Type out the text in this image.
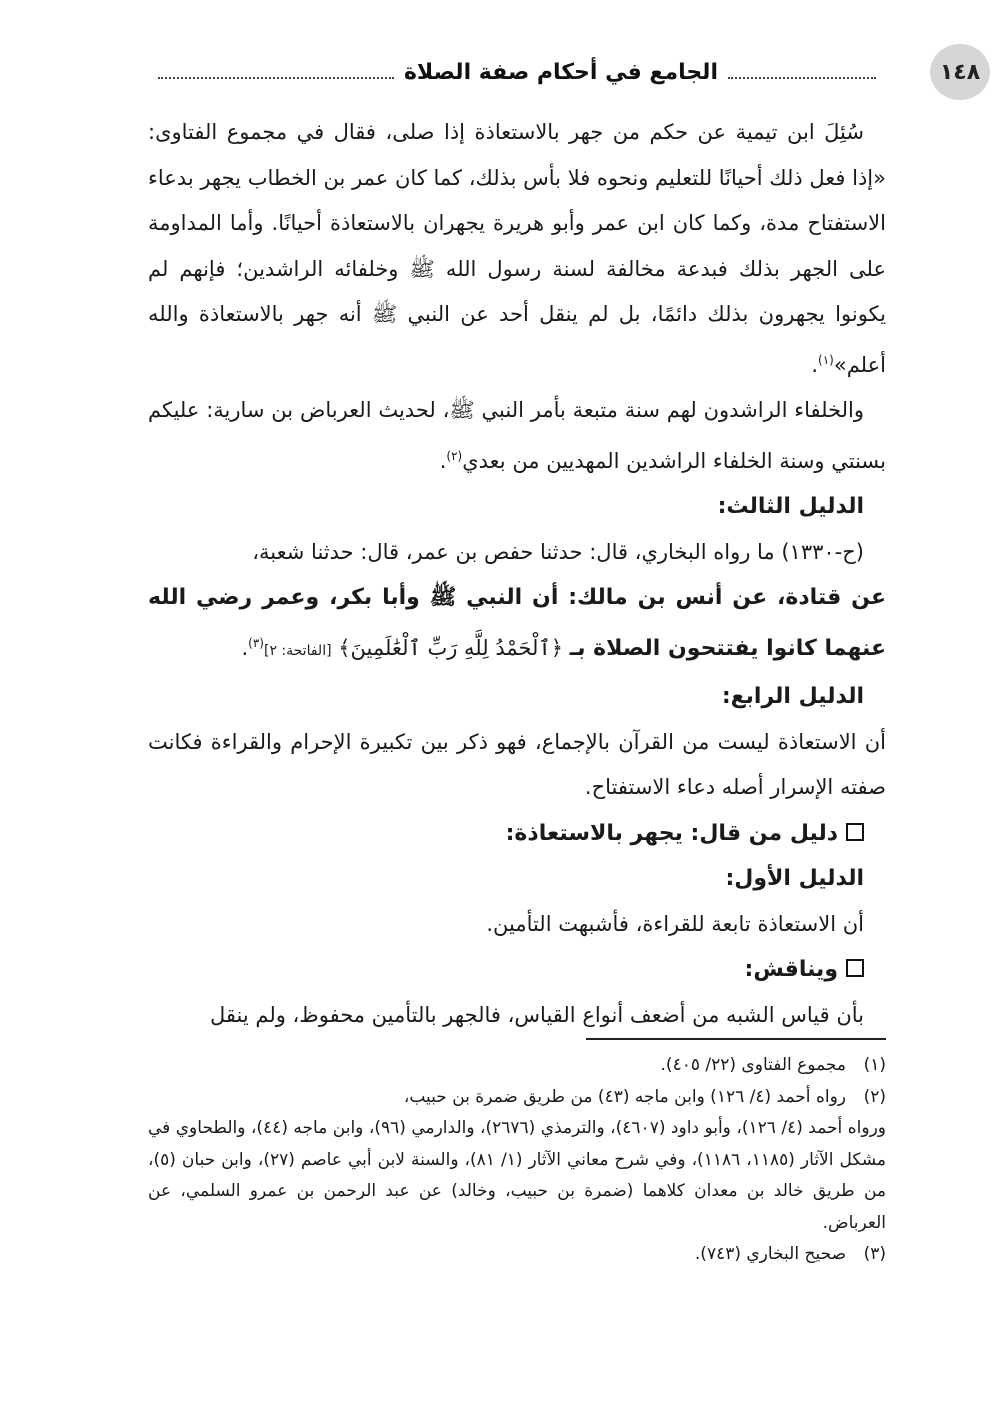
١٤٨
الجامع في أحكام صفة الصلاة

سُئِلَ ابن تيمية عن حكم من جهر بالاستعاذة إذا صلى، فقال في مجموع الفتاوى: «إذا فعل ذلك أحيانًا للتعليم ونحوه فلا بأس بذلك، كما كان عمر بن الخطاب يجهر بدعاء الاستفتاح مدة، وكما كان ابن عمر وأبو هريرة يجهران بالاستعاذة أحيانًا. وأما المداومة على الجهر بذلك فبدعة مخالفة لسنة رسول الله ﷺ وخلفائه الراشدين؛ فإنهم لم يكونوا يجهرون بذلك دائمًا، بل لم ينقل أحد عن النبي ﷺ أنه جهر بالاستعاذة والله أعلم»$^{(١)}$.

والخلفاء الراشدون لهم سنة متبعة بأمر النبي ﷺ، لحديث العرباض بن سارية: عليكم بسنتي وسنة الخلفاء الراشدين المهديين من بعدي$^{(٢)}$.

الدليل الثالث:

(ح-١٣٣٠) ما رواه البخاري، قال: حدثنا حفص بن عمر، قال: حدثنا شعبة،

عن قتادة، عن أنس بن مالك: أن النبي ﷺ وأبا بكر، وعمر رضي الله عنهما كانوا يفتتحون الصلاة بـ ﴿ٱلْحَمْدُ لِلَّهِ رَبِّ ٱلْعَٰلَمِينَ﴾ [الفاتحة: ٢]$^{(٣)}$.

الدليل الرابع:

أن الاستعاذة ليست من القرآن بالإجماع، فهو ذكر بين تكبيرة الإحرام والقراءة فكانت صفته الإسرار أصله دعاء الاستفتاح.

دليل من قال: يجهر بالاستعاذة:

الدليل الأول:

أن الاستعاذة تابعة للقراءة، فأشبهت التأمين.

ويناقش:

بأن قياس الشبه من أضعف أنواع القياس، فالجهر بالتأمين محفوظ، ولم ينقل

(١)مجموع الفتاوى (٢٢/ ٤٠٥).

(٢)رواه أحمد (٤/ ١٢٦) وابن ماجه (٤٣) من طريق ضمرة بن حبيب،

ورواه أحمد (٤/ ١٢٦)، وأبو داود (٤٦٠٧)، والترمذي (٢٦٧٦)، والدارمي (٩٦)، وابن ماجه (٤٤)، والطحاوي في مشكل الآثار (١١٨٥، ١١٨٦)، وفي شرح معاني الآثار (١/ ٨١)، والسنة لابن أبي عاصم (٢٧)، وابن حبان (٥)، من طريق خالد بن معدان كلاهما (ضمرة بن حبيب، وخالد) عن عبد الرحمن بن عمرو السلمي، عن العرباض.

(٣)صحيح البخاري (٧٤٣).
